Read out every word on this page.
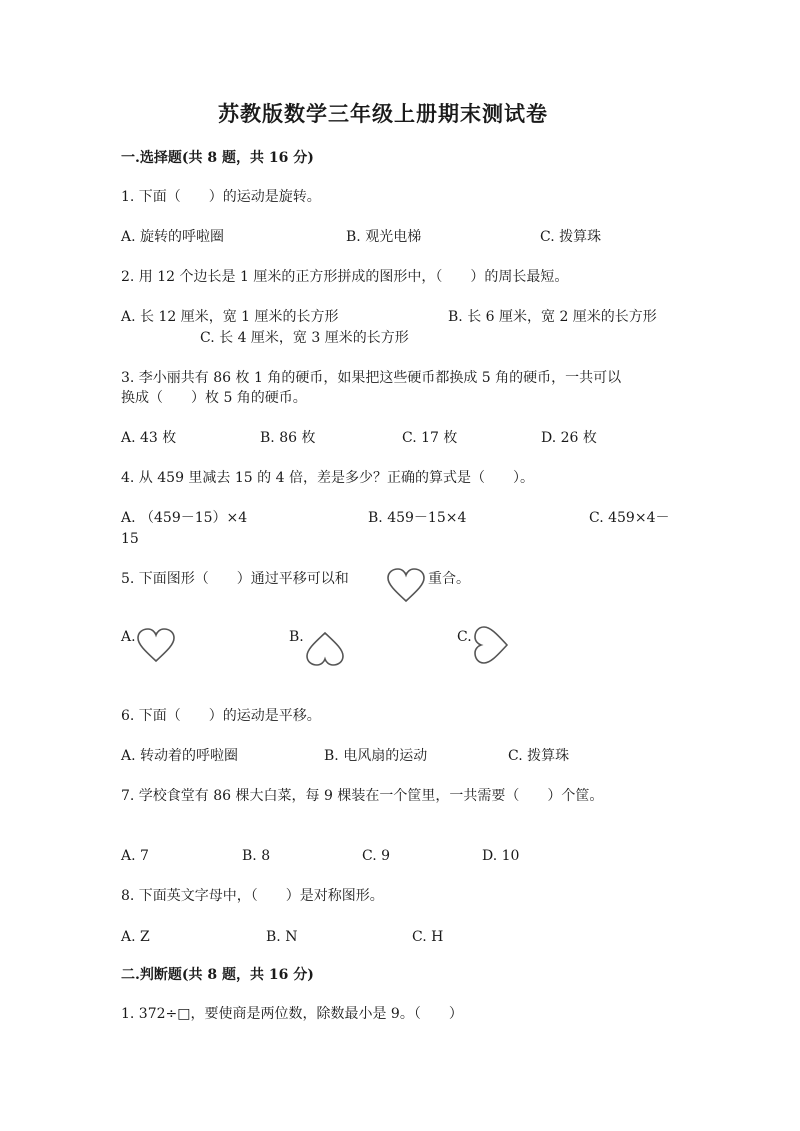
苏教版数学三年级上册期末测试卷
一.选择题(共 8 题，共 16 分)
1. 下面（　　）的运动是旋转。
A. 旋转的呼啦圈	B. 观光电梯	C. 拨算珠
2. 用 12 个边长是 1 厘米的正方形拼成的图形中，（　　）的周长最短。
A. 长 12 厘米，宽 1 厘米的长方形	B. 长 6 厘米，宽 2 厘米的长方形
C. 长 4 厘米，宽 3 厘米的长方形
3. 李小丽共有 86 枚 1 角的硬币，如果把这些硬币都换成 5 角的硬币，一共可以
换成（　　）枚 5 角的硬币。
A. 43 枚	B. 86 枚	C. 17 枚	D. 26 枚
4. 从 459 里减去 15 的 4 倍，差是多少？正确的算式是（　　）。
A. （459－15）×4	B. 459－15×4	C. 459×4－
15
5. 下面图形（　　）通过平移可以和	重合。
A.	B.	C.
6. 下面（　　）的运动是平移。
A. 转动着的呼啦圈	B. 电风扇的运动	C. 拨算珠
7. 学校食堂有 86 棵大白菜，每 9 棵装在一个筐里，一共需要（　　）个筐。
A. 7	B. 8	C. 9	D. 10
8. 下面英文字母中，（　　）是对称图形。
A. Z	B. N	C. H
二.判断题(共 8 题，共 16 分)
1. 372÷□，要使商是两位数，除数最小是 9。（　　）
